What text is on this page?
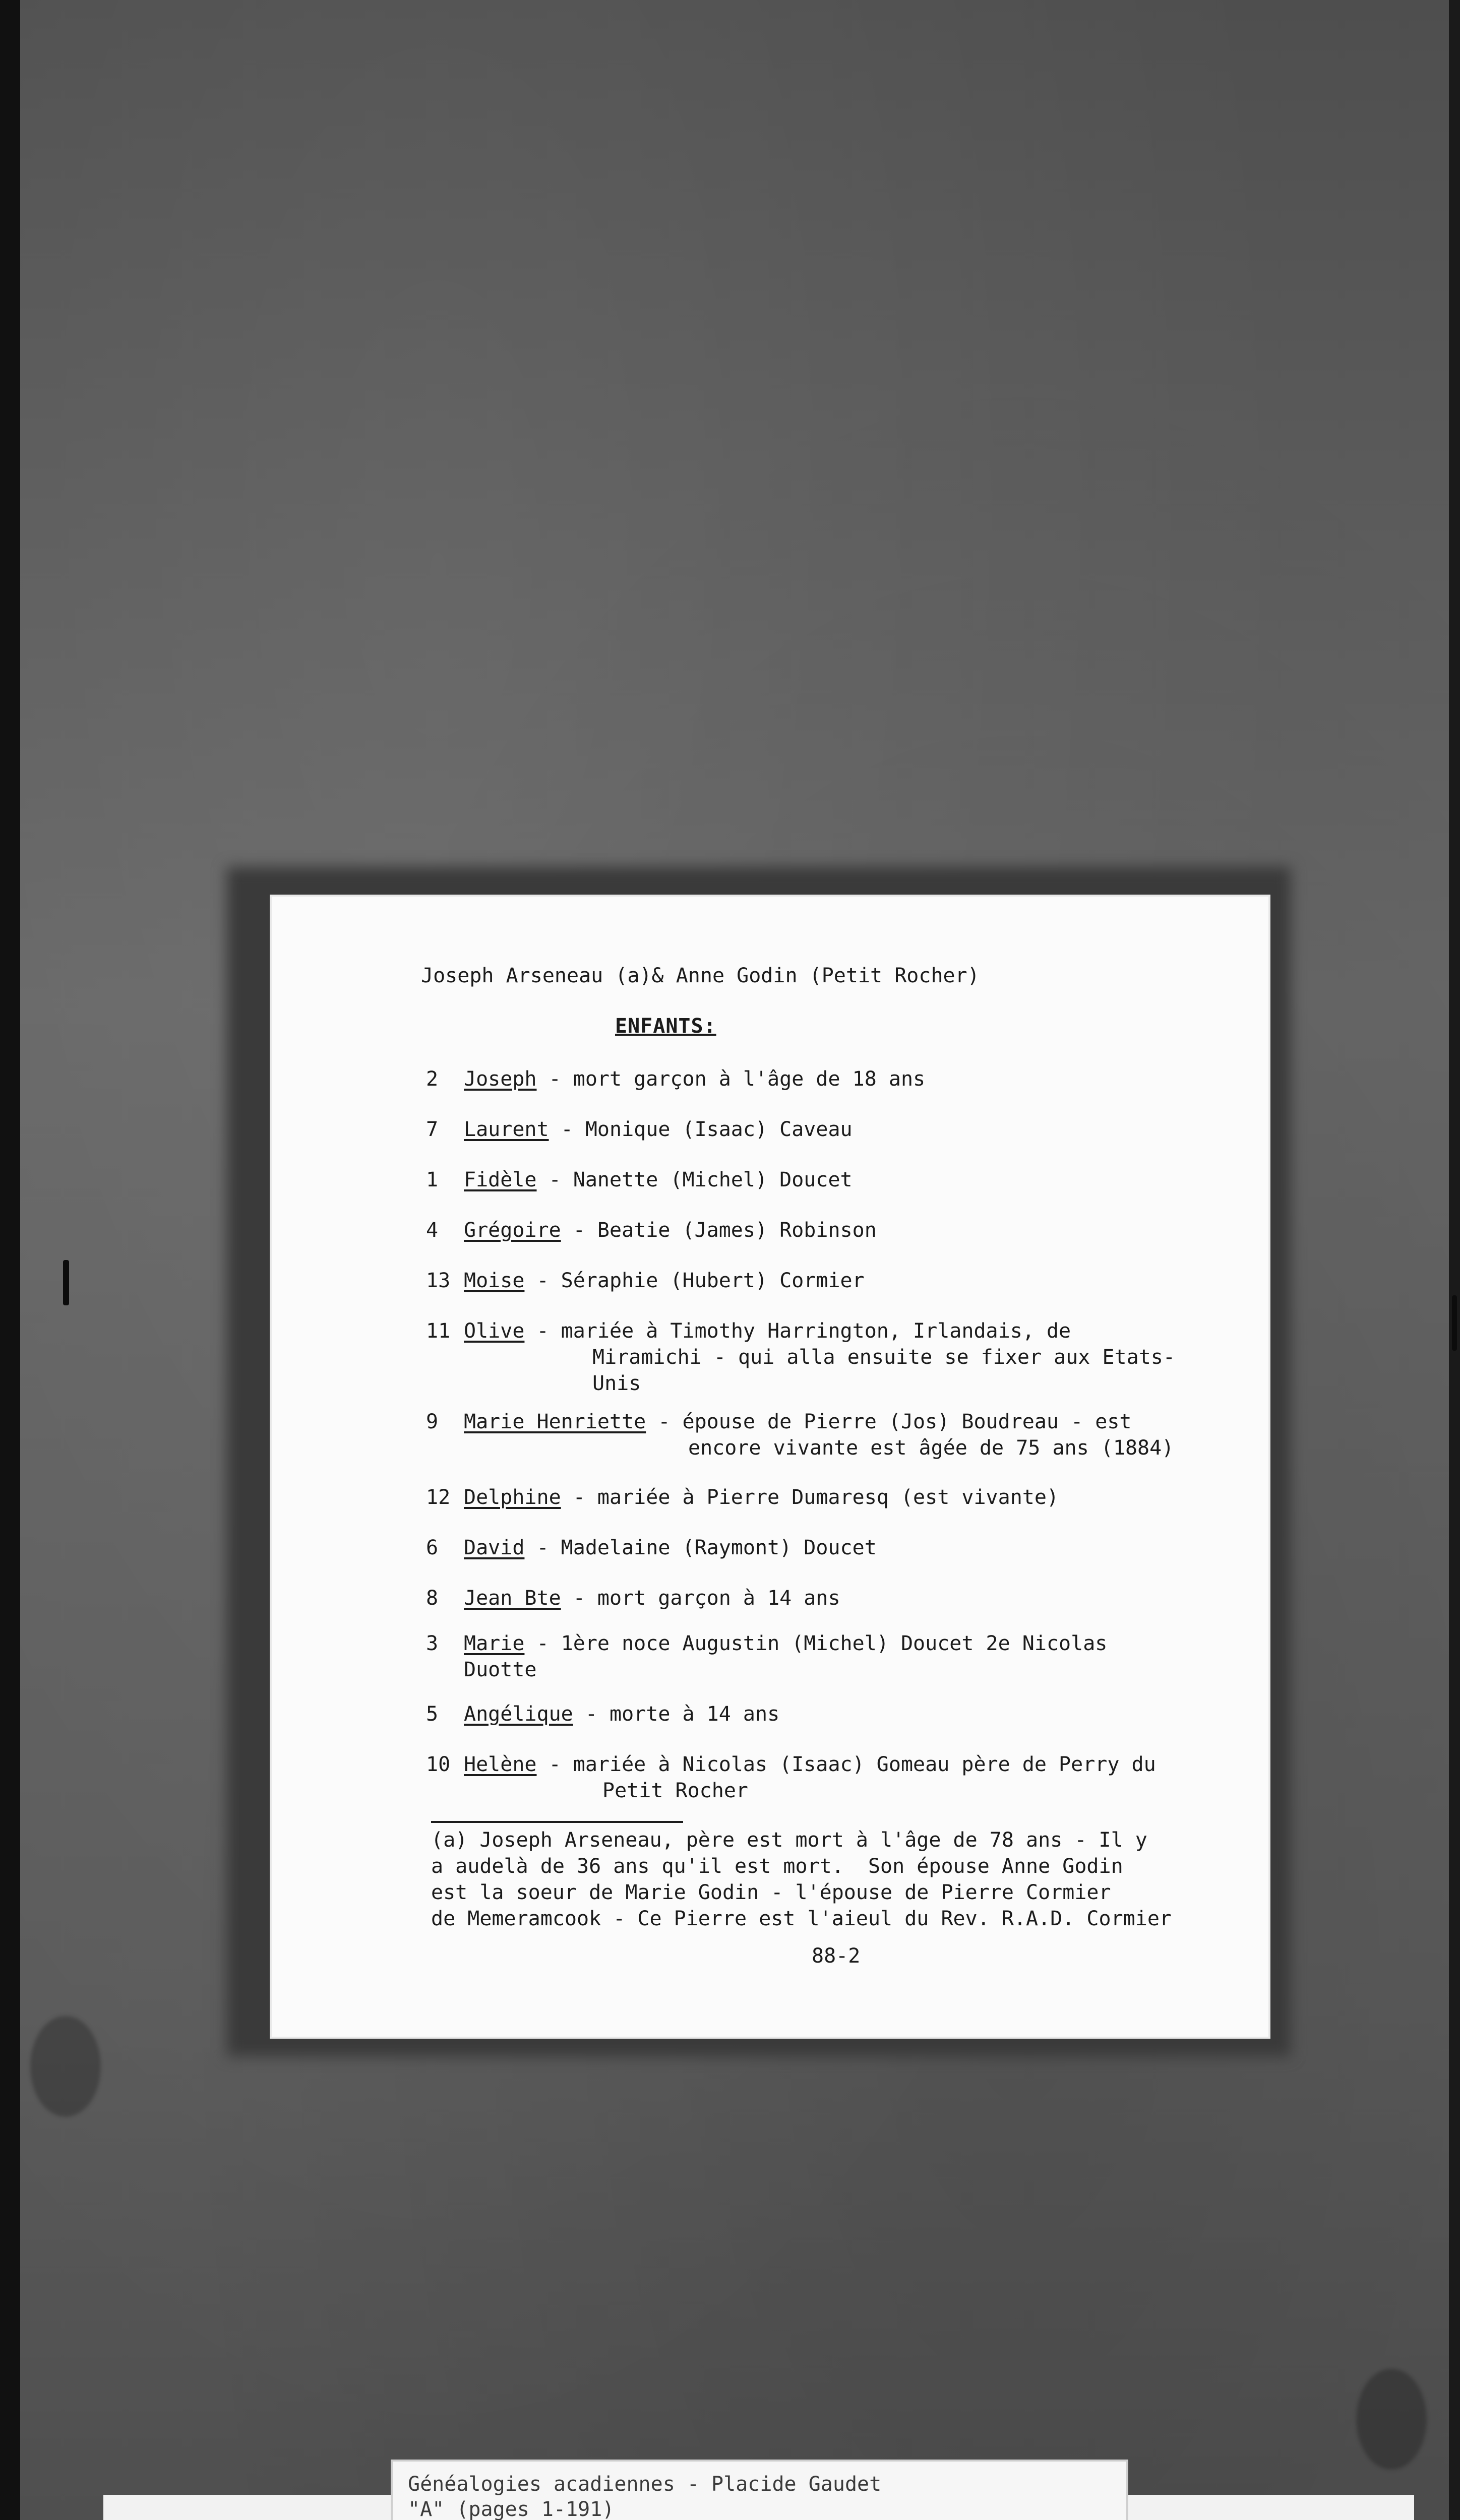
Joseph Arseneau (a)& Anne Godin (Petit Rocher)
ENFANTS:
2	Joseph - mort garçon à l'âge de 18 ans
7	Laurent - Monique (Isaac) Caveau
1	Fidèle - Nanette (Michel) Doucet
4	Grégoire - Beatie (James) Robinson
13 Moise - Séraphie (Hubert) Cormier
11 Olive - mariée à Timothy Harrington, Irlandais, de
Miramichi - qui alla ensuite se fixer aux Etats-
Unis
9	Marie Henriette - épouse de Pierre (Jos) Boudreau - est
encore vivante est âgée de 75 ans (1884)
12 Delphine - mariée à Pierre Dumaresq (est vivante)
6	David - Madelaine (Raymont) Doucet
8	Jean Bte - mort garçon à 14 ans
3	Marie - 1ère noce Augustin (Michel) Doucet 2e Nicolas
Duotte
5	Angélique - morte à 14 ans
10 Helène - mariée à Nicolas (Isaac) Gomeau père de Perry du
Petit Rocher
(a) Joseph Arseneau, père est mort à l'âge de 78 ans - Il y
a audelà de 36 ans qu'il est mort.  Son épouse Anne Godin
est la soeur de Marie Godin - l'épouse de Pierre Cormier
de Memeramcook - Ce Pierre est l'aieul du Rev. R.A.D. Cormier
88-2
Généalogies acadiennes - Placide Gaudet
"A" (pages 1-191)
